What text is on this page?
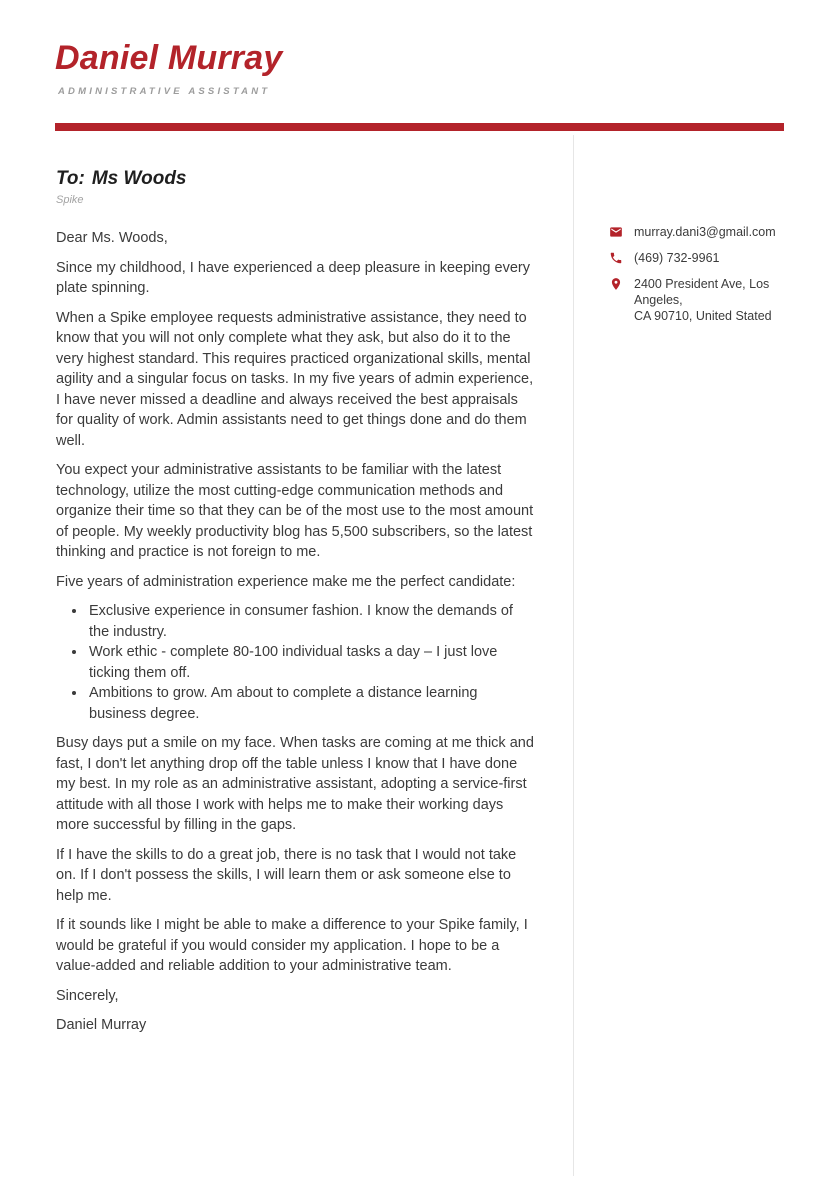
Daniel Murray
ADMINISTRATIVE ASSISTANT
To: Ms Woods
Spike

Dear Ms. Woods,

Since my childhood, I have experienced a deep pleasure in keeping every plate spinning.

When a Spike employee requests administrative assistance, they need to know that you will not only complete what they ask, but also do it to the very highest standard. This requires practiced organizational skills, mental agility and a singular focus on tasks. In my five years of admin experience, I have never missed a deadline and always received the best appraisals for quality of work. Admin assistants need to get things done and do them well.

You expect your administrative assistants to be familiar with the latest technology, utilize the most cutting-edge communication methods and organize their time so that they can be of the most use to the most amount of people. My weekly productivity blog has 5,500 subscribers, so the latest thinking and practice is not foreign to me.

Five years of administration experience make me the perfect candidate:

• Exclusive experience in consumer fashion. I know the demands of the industry.
• Work ethic - complete 80-100 individual tasks a day – I just love ticking them off.
• Ambitions to grow. Am about to complete a distance learning business degree.

Busy days put a smile on my face. When tasks are coming at me thick and fast, I don't let anything drop off the table unless I know that I have done my best. In my role as an administrative assistant, adopting a service-first attitude with all those I work with helps me to make their working days more successful by filling in the gaps.

If I have the skills to do a great job, there is no task that I would not take on. If I don't possess the skills, I will learn them or ask someone else to help me.

If it sounds like I might be able to make a difference to your Spike family, I would be grateful if you would consider my application. I hope to be a value-added and reliable addition to your administrative team.

Sincerely,

Daniel Murray

murray.dani3@gmail.com
(469) 732-9961
2400 President Ave, Los Angeles,
CA 90710, United Stated
